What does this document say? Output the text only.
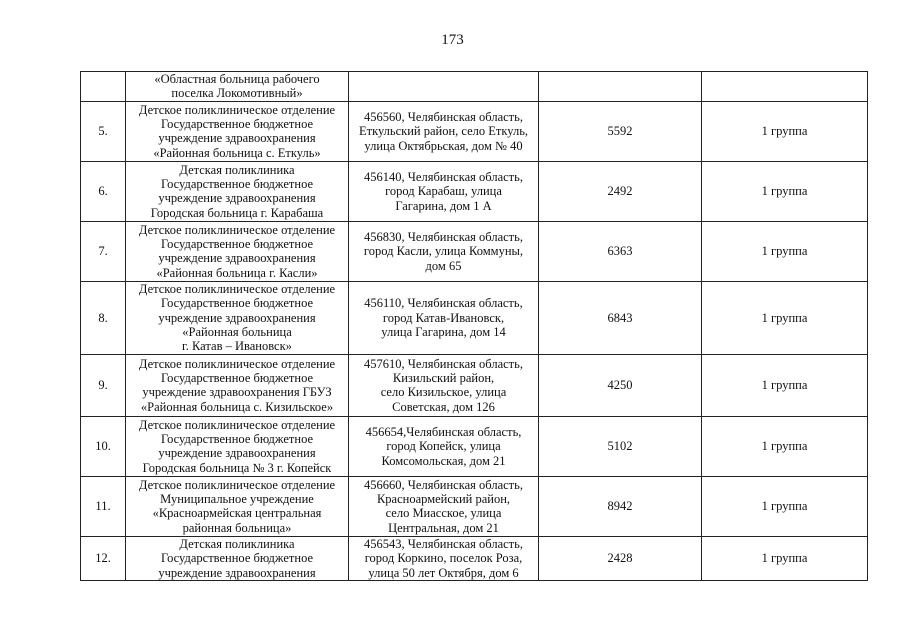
173

	«Областная больница рабочего
поселка Локомотивный»			

5.	Детское поликлиническое отделение
Государственное бюджетное
учреждение здравоохранения
«Районная больница с. Еткуль»	456560, Челябинская область,
Еткульский район, село Еткуль,
улица Октябрьская, дом № 40	5592	1 группа
6.	Детская поликлиника
Государственное бюджетное
учреждение здравоохранения
Городская больница г. Карабаша	456140, Челябинская область,
город Карабаш, улица
Гагарина, дом 1 А	2492	1 группа
7.	Детское поликлиническое отделение
Государственное бюджетное
учреждение здравоохранения
«Районная больница г. Касли»	456830, Челябинская область,
город Касли, улица Коммуны,
дом 65	6363	1 группа
8.	Детское поликлиническое отделение
Государственное бюджетное
учреждение здравоохранения
«Районная больница
г. Катав – Ивановск»	456110, Челябинская область,
город Катав-Ивановск,
улица Гагарина, дом 14	6843	1 группа
9.	Детское поликлиническое отделение
Государственное бюджетное
учреждение здравоохранения ГБУЗ
«Районная больница с. Кизильское»	457610, Челябинская область,
Кизильский район,
село Кизильское, улица
Советская, дом 126	4250	1 группа
10.	Детское поликлиническое отделение
Государственное бюджетное
учреждение здравоохранения
Городская больница № 3 г. Копейск	456654,Челябинская область,
город Копейск, улица
Комсомольская, дом 21	5102	1 группа
11.	Детское поликлиническое отделение
Муниципальное учреждение
«Красноармейская центральная
районная больница»	456660, Челябинская область,
Красноармейский район,
село Миасское, улица
Центральная, дом 21	8942	1 группа
12.	Детская поликлиника
Государственное бюджетное
учреждение здравоохранения	456543, Челябинская область,
город Коркино, поселок Роза,
улица 50 лет Октября, дом 6	2428	1 группа
